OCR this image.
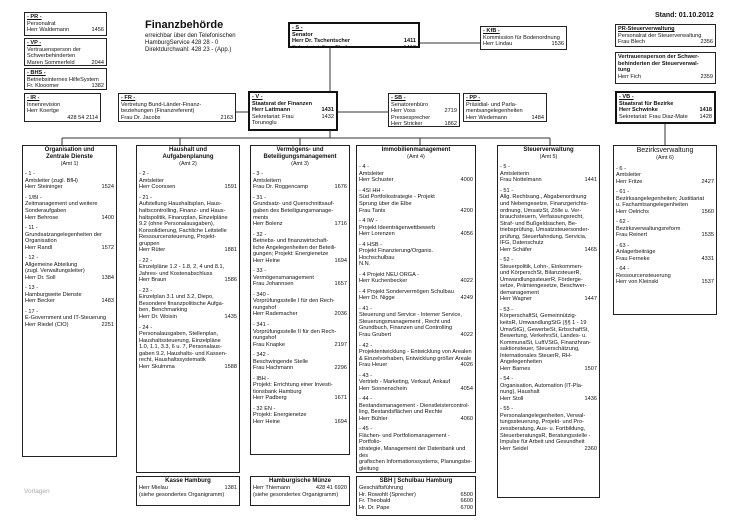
Finanzbehörde
erreichbar über den Telefonischen
HamburgService 428 28 - 0
Direktdurchwahl: 428 23 - (App.)
Stand: 01.10.2012
Vorlagen
- PR -
Personalrat
Herr Waldemann	1456
- VP -
Vertrauensperson der
Schwerbehinderten
Maren Sommerfeld	2044
- BHS -
Betriebsinternes HilfeSystem
Fr. Klooomer	1382
- S -
Senator
Herr Dr. Tschentscher	1411
Sekretariat: Frau Theile	1412
- KfB -
Kommission für Bodenordnung
Herr Lindau	1536
PR-Steuerverwaltung
Personalrat der Steuerverwaltung
Frau Blech	2356
Vertrauensperson der Schwer-
behinderten der Steuerverwal-
tung
Herr Fich	2359
- IR -
Innenrevision
Herr Koertge
428 54 2114
- FR -
Vertretung Bund-Länder-Finanz-
beziehungen (Finanzreferent)
Frau Dr. Jacobs	2163
- V -
Staatsrat der Finanzen
Herr Lattmann	1431
Sekretariat: Frau Torunoglu
1432
- SB -
Senatorenbüro
Herr Voss	2719
Pressesprecher
Herr Stricker	1862
- PP -
Präsidial- und Parla-
mentsangelegenheiten
Herr Wedemann	1484
- VB -
Staatsrat für Bezirke
Herr Schwinke	1418
Sekretariat: Frau Diaz-Mate	1428
Organisation und
Zentrale Dienste
(Amt 1)
- 1 -
Amtsleiter (zugl. BfH)
Herr Steininger	1524
- 1/BI -
Zeitmanagement und weitere
Sonderaufgaben
Herr Behrose	1400
- 11 -
Grundsatzangelegenheiten der
Organisation
Herr Randl	1572
- 12 -
Allgemeine Abteilung
(zugl. Verwaltungsleiter)
Herr Dr. Soll	1384
- 13 -
Hamburgweite Dienste
Herr Becker	1483
- 17 -
E-Government und IT-Steuerung
Herr Riedel (CIO)	2251
Haushalt und
Aufgabenplanung
(Amt 2)
- 2 -
Amtsleiter
Herr Coorssen	1591
- 21 -
Aufstellung Haushaltsplan, Haus-
haltscontrolling, Finanz- und Haus-
haltspolitik, Finanzplan, Einzelpläne
9.2 (ohne Personalausgaben),
Konsolidierung, Fachliche Leitstelle
Ressourcensteuerung, Projekt-
gruppen
Herr Rüter	1881
- 22 -
Einzelpläne 1.2 - 1.8, 2, 4 und 8.1,
Jahres- und Kostenabschluss
Herr Braun	1586
- 23 -
Einzelplan 3.1 und 3.2, Diepo,
Besondere finanzpolitische Aufga-
ben, Benchmarking
Herr Dr. Woisin	1435
- 24 -
Personalausgaben, Stellenplan,
Haushaltssteuerung, Einzelpläne
1.0, 1.1, 3.3, 6 u. 7, Personalaus-
gaben 9.2, Haushalts- und Kassen-
recht, Haushaltssystematik
Herr Skulmma	1588
Vermögens- und
Beteiligungsmanagement
(Amt 3)
- 3 -
Amtsleitern
Frau Dr. Roggencamp	1676
- 31 -
Grundsatz- und Querschnittsauf-
gaben des Beteiligungsmanage-
ments
Herr Bolenz	1716
- 32 -
Betriebs- und finanzwirtschaft-
liche Angelegenheiten der Beteili-
gungen; Projekt: Energienetze
Herr Heine	1694
- 33 -
Vermögensmanagement
Frau Johannsen	1657
- 340 -
Vorprüfungsstelle I für den Rech-
nungshof
Herr Rademacher	2036
- 341 -
Vorprüfungsstelle II für den Rech-
nungshof
Frau Knapke	2197
- 342 -
Beschwingende Stelle
Frau Hachmann	2296
- IBH -
Projekt: Errichtung einer Investi-
tionsbank Hamburg
Herr Padberg	1671
- 32 EN -
Projekt: Energienetze
Herr Heine	1694
Immobilienmanagement
(Amt 4)
- 4 -
Amtsleiter
Herr Schuster	4000
- 4SI HH -
Süd Portfoliostrategie - Projekt
Sprung über die Elbe
Frau Tants	4200
- 4 IW -
Projekt Ideenträgerwettbewerb
Herr Lorenzen	4056
- 4 HSB -
Projekt Finanzierung/Organis.
Hochschulbau
N.N.
- 4 Projekt NEU ORGA -
Herr Kuchenbecker	4022
- 4 Projekt Sondervermögen Schulbau
Herr Dr. Nigge	4249
- 41 -
Steuerung und Service - Interner Service,
Steuerungsmanagement , Recht und
Grundbuch, Finanzen und Controlling
Frau Grubert	4022
- 42 -
Projektentwicklung - Entwicklung von Arealen
& Einzelvorhaben, Entwicklung größer Areale
Frau Heuer	4026
- 43 -
Vertrieb - Marketing, Verkauf, Ankauf
Herr Sonnenschein	4054
- 44 -
Bestandsmanagement - Dienstleistercontrol-
ling, Bestandsflächen und Rechte
Herr Bühler	4060
- 45 -
Flächen- und Portfoliomanagement - Portfolio-
strategie, Management der Datenbank und des
grafischen Informationssystems, Planungsbe-
gleitung
Steuerverwaltung
(Amt 5)
- 5 -
Amtsleiterin
Frau Nottelmann	1441
- 51 -
Allg. Rechtsang., Abgabenordnung
und Nebengesetze, Finanzgerichts-
ordnung, UmsatzSt, Zölle u. Ver-
brauchsteuern, Verfassungsrecht,
Straf- und Bußgeldsachen, Be-
triebsprüfung, Umsatzsteuersonder-
prüfung, Steuerfahndung, Servicia,
IFG, Datenschutz
Herr Schäfer	1465
- 52 -
Steuerpolitik, Lohn-, Einkommen-
und KörperschSt, BilanzsteuerR,
UmwandlungssteuerR, Förderge-
setze, Prämiengesetze, Beschwer-
demanagement
Herr Wagner	1447
- 53 -
KörperschaftSt, Gemeinnützig-
keitsR, UmwandlungStG (§§ 1 - 19
UmwStG), GewerbeSt, ErbschaftSt,
Bewertung, VerkehrsSt, Landes- u.
KommunalSt, LuftVStG, Finanzhran-
saktionsteuer, Steuerschätzung,
Internationales SteuerR, RH-
Angelegenheiten
Herr Barnes	1507
- 54 -
Organisation, Automation (IT-Pla-
nung), Haushalt
Herr Stoll	1436
- 55 -
Personalangelegenheiten, Verwal-
tungssteuerung, Projekt- und Pro-
zessberatung, Aus- u. Fortbildung,
SteuerberatungsR, Beratungsstelle -
Impulse für Arbeit und Gesundheit
Herr Seidel	2360
Bezirksverwaltung
(Amt 6)
- 6 -
Amtsleiter
Herr Fritze	2427
- 61 -
Bezirksangelegenheiten; Justitiariat
u. Fachamtsangelegenheiten
Herr Oelrichs	1560
- 62 -
Bezirksverwaltungsreform
Frau Reinert	1535
- 63 -
Anlagerbeiträge
Frau Ferneke	4331
- 64 -
Ressourcensteuerung
Herr von Kleinski	1537
Kasse Hamburg
Herr Mielau	1381
(siehe gesondertes Organigramm)
Hamburgische Münze
Herr Thiemann	428 41 6920
(siehe gesondertes Organigramm)
SBH | Schulbau Hamburg
Geschäftsführung
Hr. Rowohlt (Sprecher)	6500
Fr. Theobald	6600
Hr. Dr. Pape	6700
